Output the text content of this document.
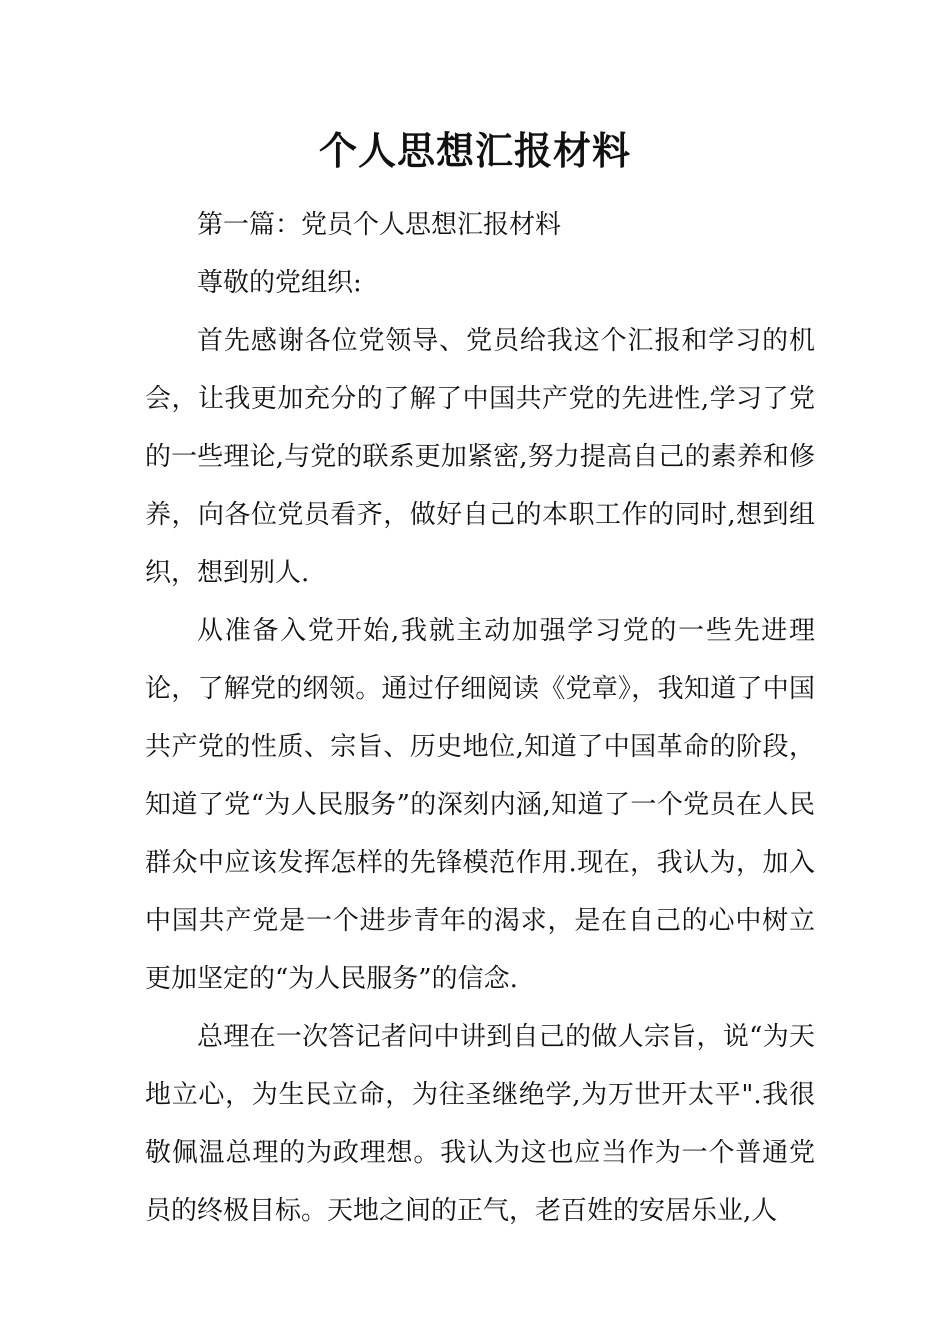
个人思想汇报材料

第一篇：党员个人思想汇报材料

尊敬的党组织:

首先感谢各位党领导、党员给我这个汇报和学习的机会，让我更加充分的了解了中国共产党的先进性,学习了党的一些理论,与党的联系更加紧密,努力提高自己的素养和修养，向各位党员看齐，做好自己的本职工作的同时,想到组织，想到别人.

从准备入党开始,我就主动加强学习党的一些先进理论，了解党的纲领。通过仔细阅读《党章》，我知道了中国共产党的性质、宗旨、历史地位,知道了中国革命的阶段，知道了党“为人民服务”的深刻内涵,知道了一个党员在人民群众中应该发挥怎样的先锋模范作用.现在，我认为，加入中国共产党是一个进步青年的渴求，是在自己的心中树立更加坚定的“为人民服务”的信念.

总理在一次答记者问中讲到自己的做人宗旨，说“为天地立心，为生民立命，为往圣继绝学,为万世开太平".我很敬佩温总理的为政理想。我认为这也应当作为一个普通党员的终极目标。天地之间的正气，老百姓的安居乐业,人
